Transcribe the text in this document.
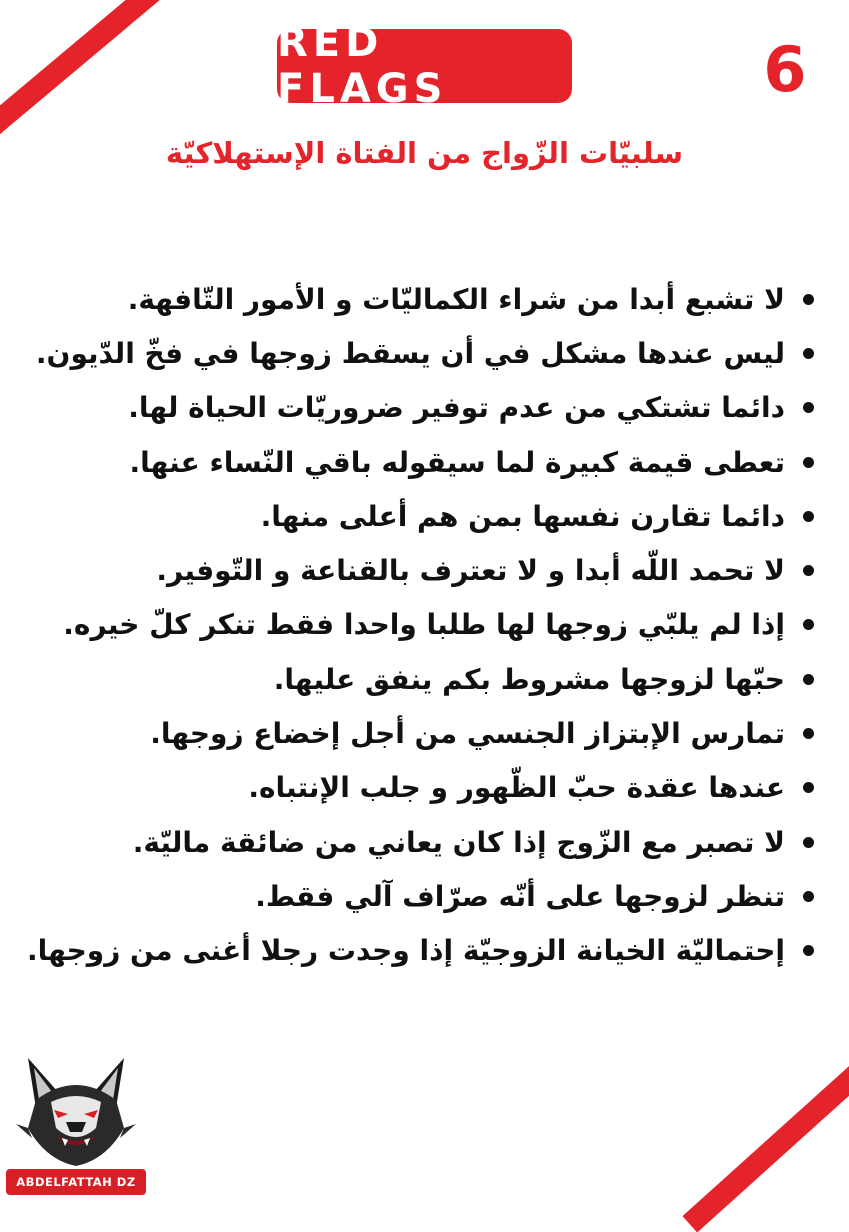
RED FLAGS	6
سلبيّات الزّواج من الفتاة الإستهلاكيّة
لا تشبع أبدا من شراء الكماليّات و الأمور التّافهة.
ليس عندها مشكل في أن يسقط زوجها في فخّ الدّيون.
دائما تشتكي من عدم توفير ضروريّات الحياة لها.
تعطى قيمة كبيرة لما سيقوله باقي النّساء عنها.
دائما تقارن نفسها بمن هم أعلى منها.
لا تحمد اللّه أبدا و لا تعترف بالقناعة و التّوفير.
إذا لم يلبّي زوجها لها طلبا واحدا فقط تنكر كلّ خيره.
حبّها لزوجها مشروط بكم ينفق عليها.
تمارس الإبتزاز الجنسي من أجل إخضاع زوجها.
عندها عقدة حبّ الظّهور و جلب الإنتباه.
لا تصبر مع الزّوج إذا كان يعاني من ضائقة ماليّة.
تنظر لزوجها على أنّه صرّاف آلي فقط.
إحتماليّة الخيانة الزوجيّة إذا وجدت رجلا أغنى من زوجها.
ABDELFATTAH DZ
